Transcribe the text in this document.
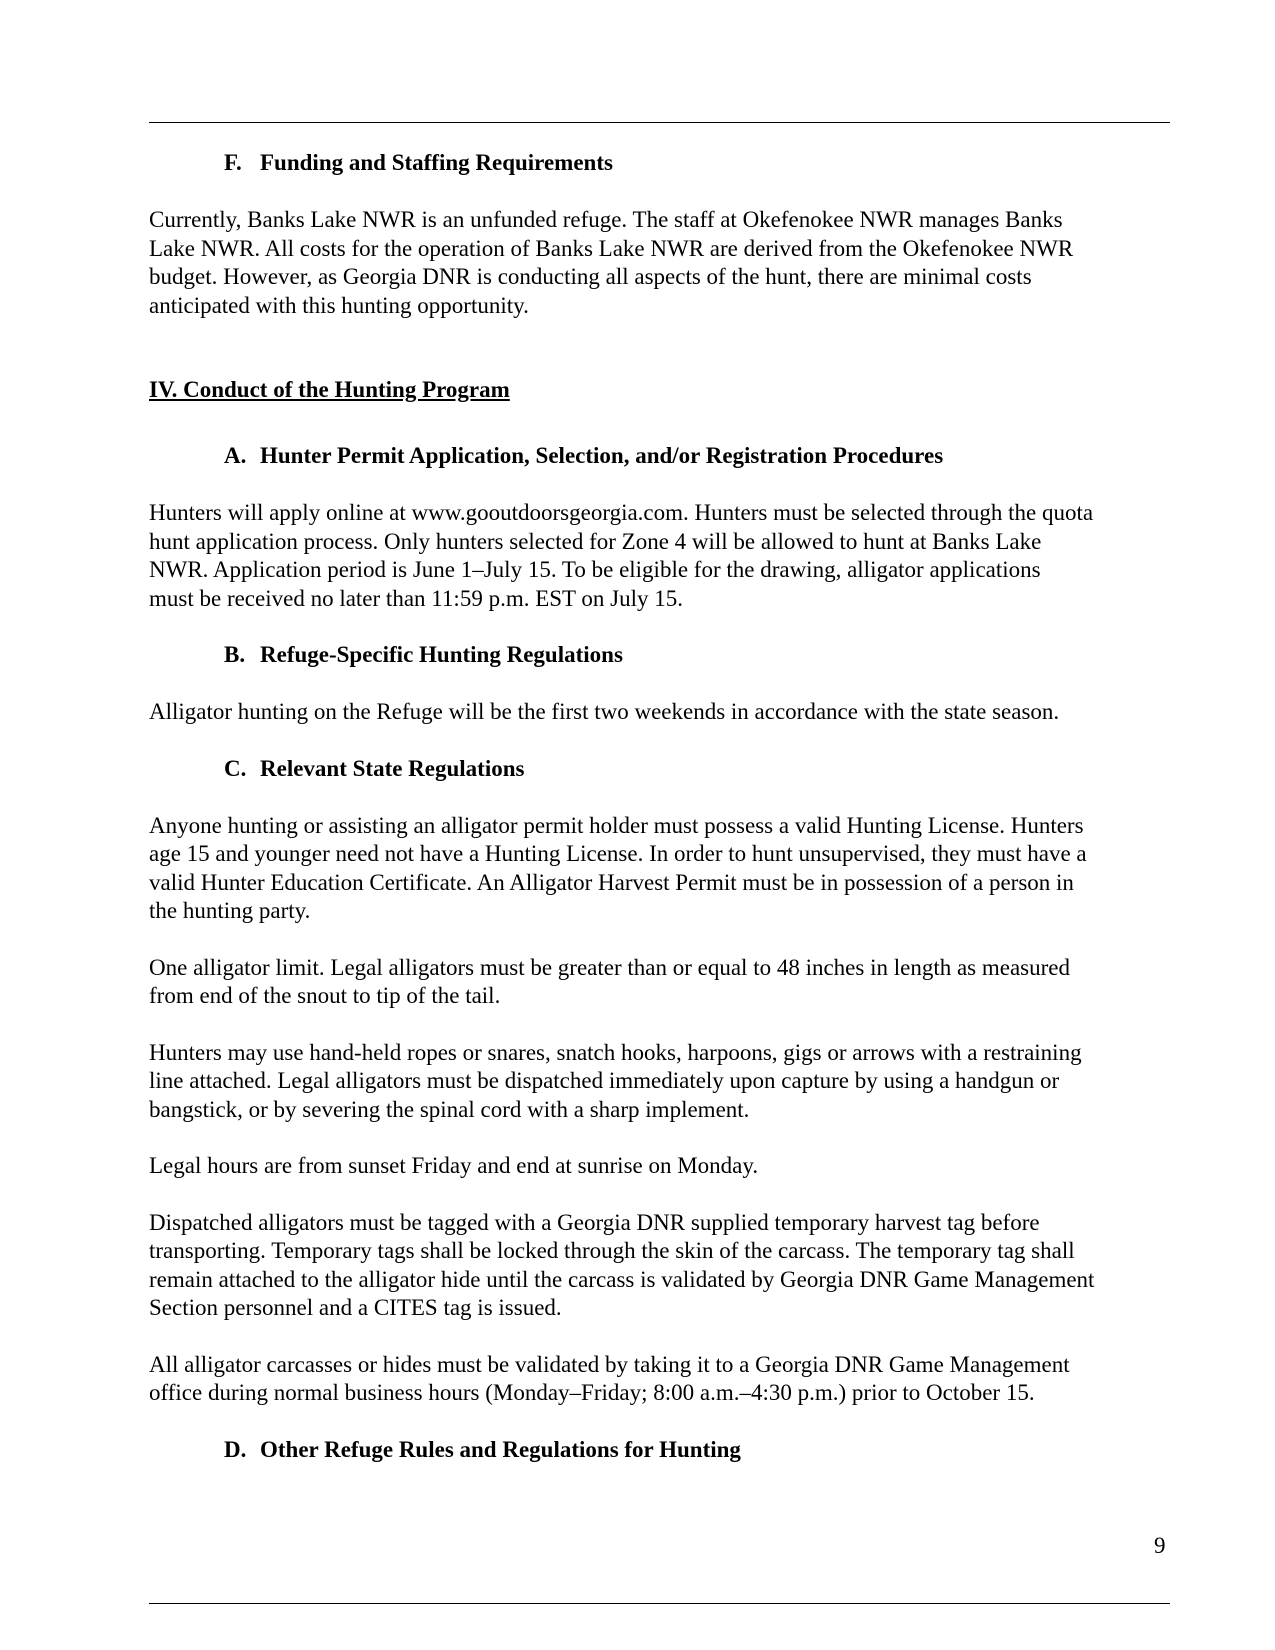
F. Funding and Staffing Requirements

Currently, Banks Lake NWR is an unfunded refuge. The staff at Okefenokee NWR manages Banks
Lake NWR. All costs for the operation of Banks Lake NWR are derived from the Okefenokee NWR
budget. However, as Georgia DNR is conducting all aspects of the hunt, there are minimal costs
anticipated with this hunting opportunity.

IV. Conduct of the Hunting Program
A. Hunter Permit Application, Selection, and/or Registration Procedures

Hunters will apply online at www.gooutdoorsgeorgia.com. Hunters must be selected through the quota
hunt application process. Only hunters selected for Zone 4 will be allowed to hunt at Banks Lake
NWR. Application period is June 1–July 15. To be eligible for the drawing, alligator applications
must be received no later than 11:59 p.m. EST on July 15.

B. Refuge-Specific Hunting Regulations

Alligator hunting on the Refuge will be the first two weekends in accordance with the state season.

C. Relevant State Regulations

Anyone hunting or assisting an alligator permit holder must possess a valid Hunting License. Hunters
age 15 and younger need not have a Hunting License. In order to hunt unsupervised, they must have a
valid Hunter Education Certificate. An Alligator Harvest Permit must be in possession of a person in
the hunting party.

One alligator limit. Legal alligators must be greater than or equal to 48 inches in length as measured
from end of the snout to tip of the tail.

Hunters may use hand-held ropes or snares, snatch hooks, harpoons, gigs or arrows with a restraining
line attached. Legal alligators must be dispatched immediately upon capture by using a handgun or
bangstick, or by severing the spinal cord with a sharp implement.

Legal hours are from sunset Friday and end at sunrise on Monday.

Dispatched alligators must be tagged with a Georgia DNR supplied temporary harvest tag before
transporting. Temporary tags shall be locked through the skin of the carcass. The temporary tag shall
remain attached to the alligator hide until the carcass is validated by Georgia DNR Game Management
Section personnel and a CITES tag is issued.

All alligator carcasses or hides must be validated by taking it to a Georgia DNR Game Management
office during normal business hours (Monday–Friday; 8:00 a.m.–4:30 p.m.) prior to October 15.

D. Other Refuge Rules and Regulations for Hunting
9
